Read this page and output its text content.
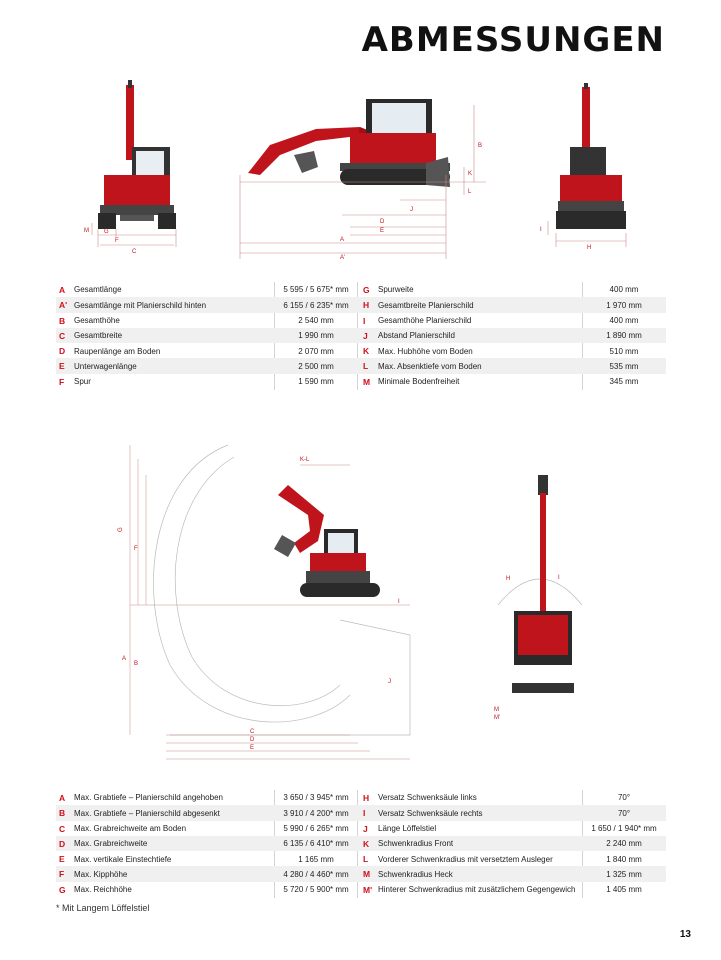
ABMESSUNGEN
M	G
F
C
B
K
J
L
D
E
A
A'
I
H
A	Gesamtlänge	5 595 / 5 675* mm	G	Spurweite	400 mm
A' Gesamtlänge mit Planierschild hinten	6 155 / 6 235* mm	H	Gesamtbreite Planierschild	1 970 mm
B	Gesamthöhe	2 540 mm	I	Gesamthöhe Planierschild	400 mm
C	Gesamtbreite	1 990 mm	J	Abstand Planierschild	1 890 mm
D	Raupenlänge am Boden	2 070 mm	K	Max. Hubhöhe vom Boden	510 mm
E	Unterwagenlänge	2 500 mm	L	Max. Absenktiefe vom Boden	535 mm
F	Spur	1 590 mm	M Minimale Bodenfreiheit	345 mm
K-L
G
F
A
B
C
D
E
J
I
H	I
M
M'
A	Max. Grabtiefe – Planierschild angehoben	3 650 / 3 945* mm	H	Versatz Schwenksäule links	70°
B	Max. Grabtiefe – Planierschild abgesenkt	3 910 / 4 200* mm	I	Versatz Schwenksäule rechts	70°
C	Max. Grabreichweite am Boden	5 990 / 6 265* mm	J	Länge Löffelstiel	1 650 / 1 940* mm
D	Max. Grabreichweite	6 135 / 6 410* mm	K	Schwenkradius Front	2 240 mm
E	Max. vertikale Einstechtiefe	1 165 mm	L	Vorderer Schwenkradius mit versetztem Ausleger	1 840 mm
F	Max. Kipphöhe	4 280 / 4 460* mm	M Schwenkradius Heck	1 325 mm
G	Max. Reichhöhe	5 720 / 5 900* mm	M' Hinterer Schwenkradius mit zusätzlichem Gegengewich	1 405 mm
* Mit Langem Löffelstiel
13
